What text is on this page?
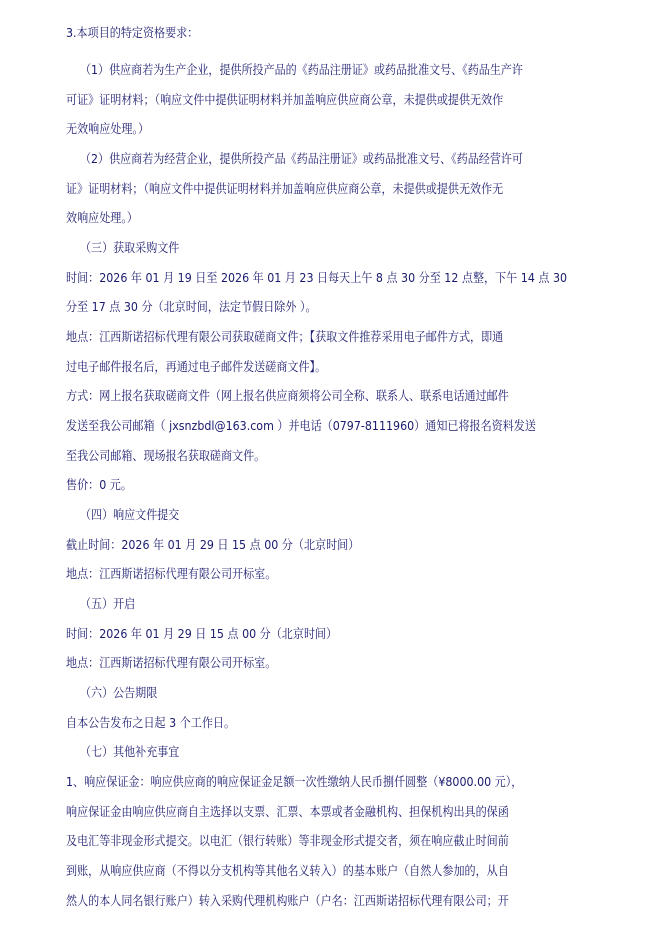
3.本项目的特定资格要求：
（1）供应商若为生产企业，提供所投产品的《药品注册证》或药品批准文号、《药品生产许
可证》证明材料；（响应文件中提供证明材料并加盖响应供应商公章，未提供或提供无效作
无效响应处理。）
（2）供应商若为经营企业，提供所投产品《药品注册证》或药品批准文号、《药品经营许可
证》证明材料；（响应文件中提供证明材料并加盖响应供应商公章，未提供或提供无效作无
效响应处理。）
（三）获取采购文件
时间：2026 年 01 月 19 日至 2026 年 01 月 23 日每天上午 8 点 30 分至 12 点整，下午 14 点 30
分至 17 点 30 分（北京时间，法定节假日除外 ）。
地点：江西斯诺招标代理有限公司获取磋商文件；【获取文件推荐采用电子邮件方式，即通
过电子邮件报名后，再通过电子邮件发送磋商文件】。
方式：网上报名获取磋商文件（网上报名供应商须将公司全称、联系人、联系电话通过邮件
发送至我公司邮箱（ jxsnzbdl@163.com ）并电话（0797-8111960）通知已将报名资料发送
至我公司邮箱、现场报名获取磋商文件。
售价：0 元。
（四）响应文件提交
截止时间：2026 年 01 月 29 日 15 点 00 分（北京时间）
地点：江西斯诺招标代理有限公司开标室。
（五）开启
时间：2026 年 01 月 29 日 15 点 00 分（北京时间）
地点：江西斯诺招标代理有限公司开标室。
（六）公告期限
自本公告发布之日起 3 个工作日。
（七）其他补充事宜
1、响应保证金：响应供应商的响应保证金足额一次性缴纳人民币捌仟圆整（¥8000.00 元），
响应保证金由响应供应商自主选择以支票、汇票、本票或者金融机构、担保机构出具的保函
及电汇等非现金形式提交。以电汇（银行转账）等非现金形式提交者，须在响应截止时间前
到账，从响应供应商（不得以分支机构等其他名义转入）的基本账户（自然人参加的，从自
然人的本人同名银行账户）转入采购代理机构账户（户名：江西斯诺招标代理有限公司；开
